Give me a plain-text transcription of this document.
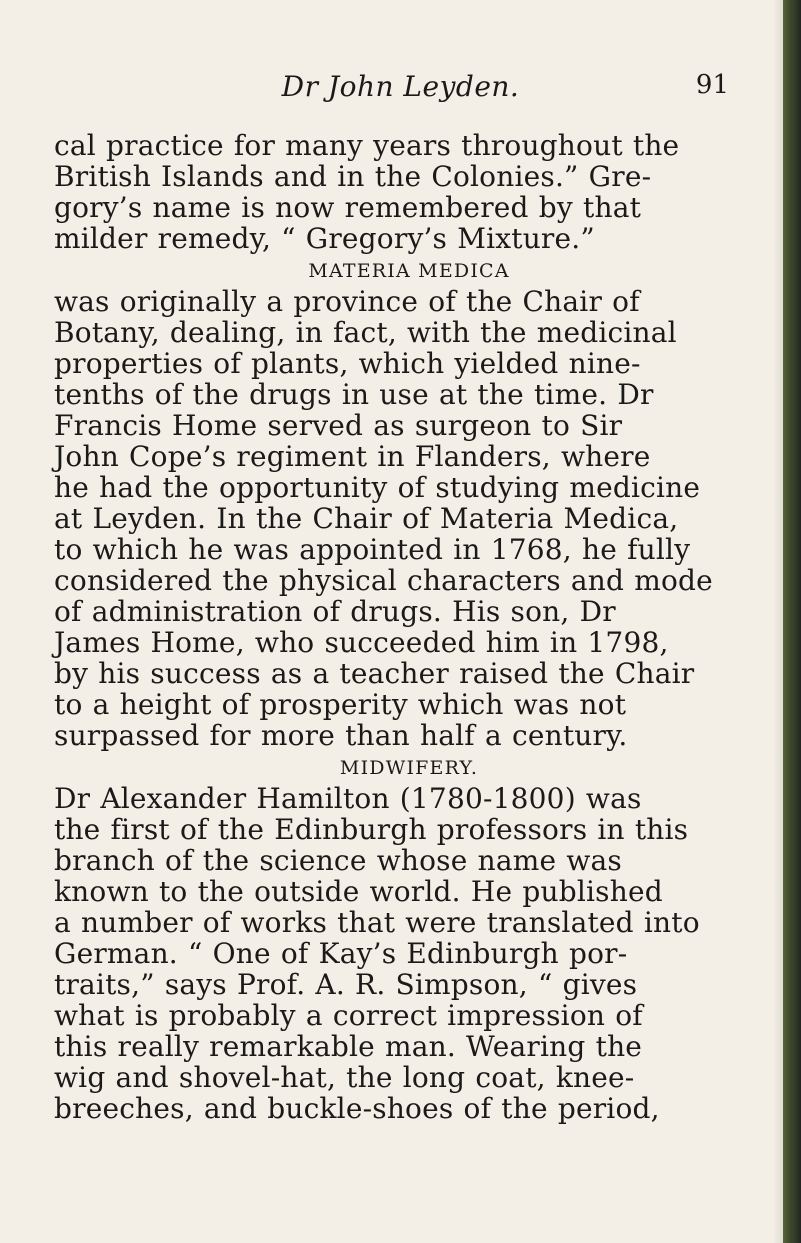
Dr John Leyden.	91

cal practice for many years throughout the

British Islands and in the Colonies.” Gre-

gory’s name is now remembered by that

milder remedy, “ Gregory’s Mixture.”

MATERIA MEDICA

was originally a province of the Chair of

Botany, dealing, in fact, with the medicinal

properties of plants, which yielded nine-

tenths of the drugs in use at the time. Dr

Francis Home served as surgeon to Sir

John Cope’s regiment in Flanders, where

he had the opportunity of studying medicine

at Leyden. In the Chair of Materia Medica,

to which he was appointed in 1768, he fully

considered the physical characters and mode

of administration of drugs. His son, Dr

James Home, who succeeded him in 1798,

by his success as a teacher raised the Chair

to a height of prosperity which was not

surpassed for more than half a century.

MIDWIFERY.

Dr Alexander Hamilton (1780-1800) was

the first of the Edinburgh professors in this

branch of the science whose name was

known to the outside world. He published

a number of works that were translated into

German. “ One of Kay’s Edinburgh por-

traits,” says Prof. A. R. Simpson, “ gives

what is probably a correct impression of

this really remarkable man. Wearing the

wig and shovel-hat, the long coat, knee-

breeches, and buckle-shoes of the period,
